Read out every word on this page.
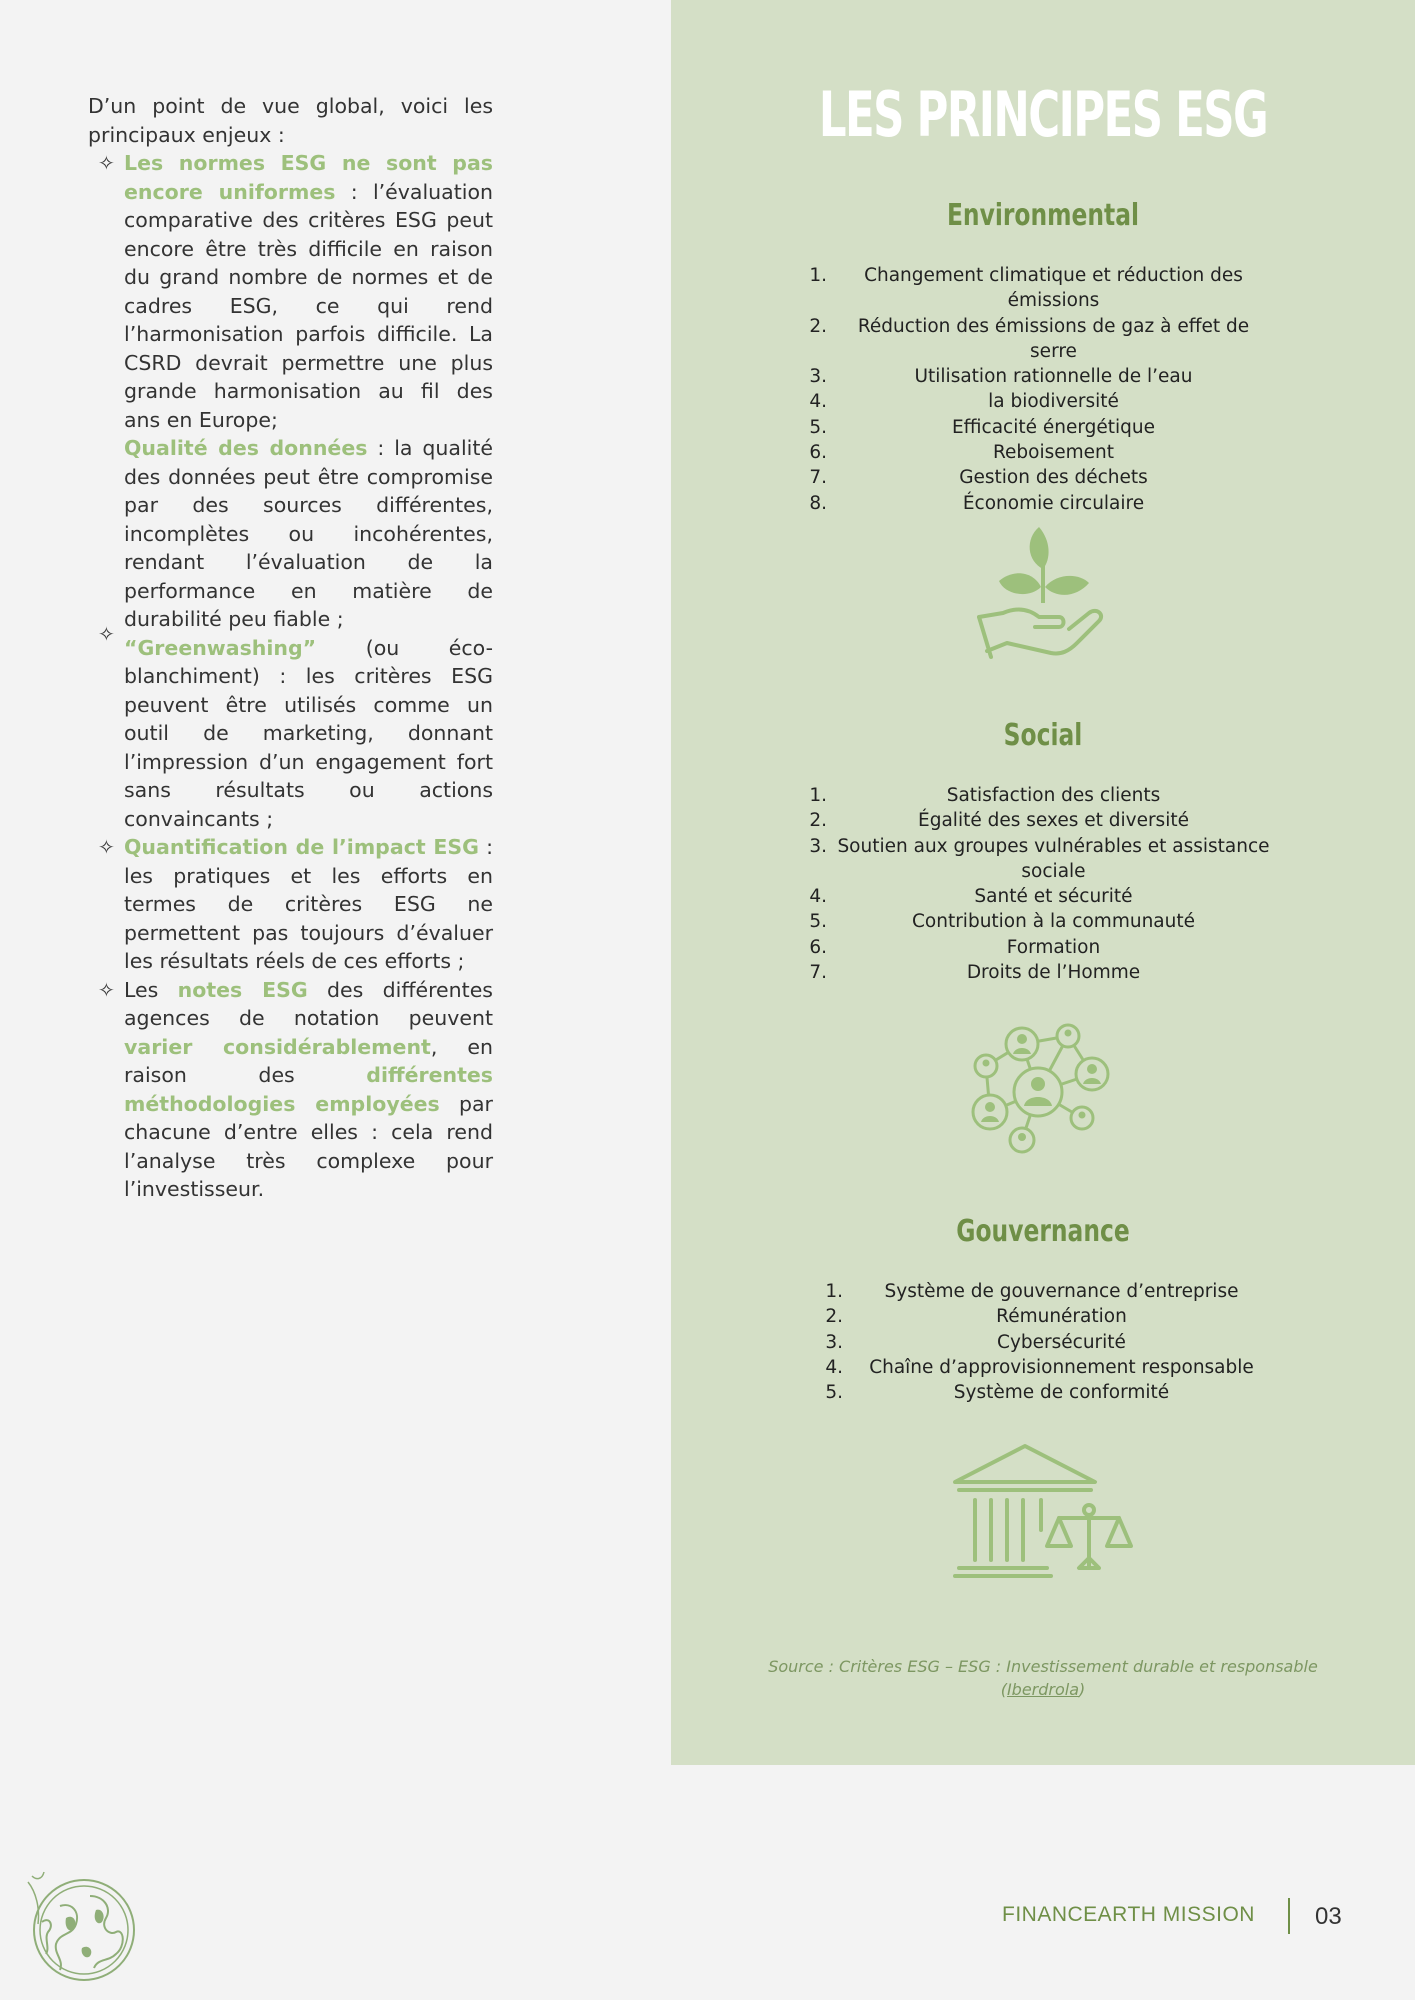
D’un point de vue global, voici les principaux enjeux :

✧ Les normes ESG ne sont pas encore uniformes : l’évaluation comparative des critères ESG peut encore être très difficile en raison du grand nombre de normes et de cadres ESG, ce qui rend l’harmonisation parfois difficile. La CSRD devrait permettre une plus grande harmonisation au fil des ans en Europe;

✧

Qualité des données : la qualité des données peut être compromise par des sources différentes, incomplètes ou incohérentes, rendant l’évaluation de la performance en matière de durabilité peu fiable ;

“Greenwashing” (ou éco-blanchiment) : les critères ESG peuvent être utilisés comme un outil de marketing, donnant l’impression d’un engagement fort sans résultats ou actions convaincants ;

✧ Quantification de l’impact ESG : les pratiques et les efforts en termes de critères ESG ne permettent pas toujours d’évaluer les résultats réels de ces efforts ;

✧ Les notes ESG des différentes agences de notation peuvent varier considérablement, en raison des différentes méthodologies employées par chacune d’entre elles : cela rend l’analyse très complexe pour l’investisseur.

LES PRINCIPES ESG
Environmental
1.	Changement climatique et réduction des émissions
2.	Réduction des émissions de gaz à effet de serre
3.	Utilisation rationnelle de l’eau
4.	la biodiversité
5.	Efficacité énergétique
6.	Reboisement
7.	Gestion des déchets
8.	Économie circulaire
Social
1.	Satisfaction des clients
2.	Égalité des sexes et diversité
3. Soutien aux groupes vulnérables et assistance sociale
4.	Santé et sécurité
5.	Contribution à la communauté
6.	Formation
7.	Droits de l’Homme
Gouvernance
1.	Système de gouvernance d’entreprise
2.	Rémunération
3.	Cybersécurité
4.	Chaîne d’approvisionnement responsable
5.	Système de conformité
Source : Critères ESG – ESG : Investissement durable et responsable
(Iberdrola)
FINANCEARTH MISSION	03
